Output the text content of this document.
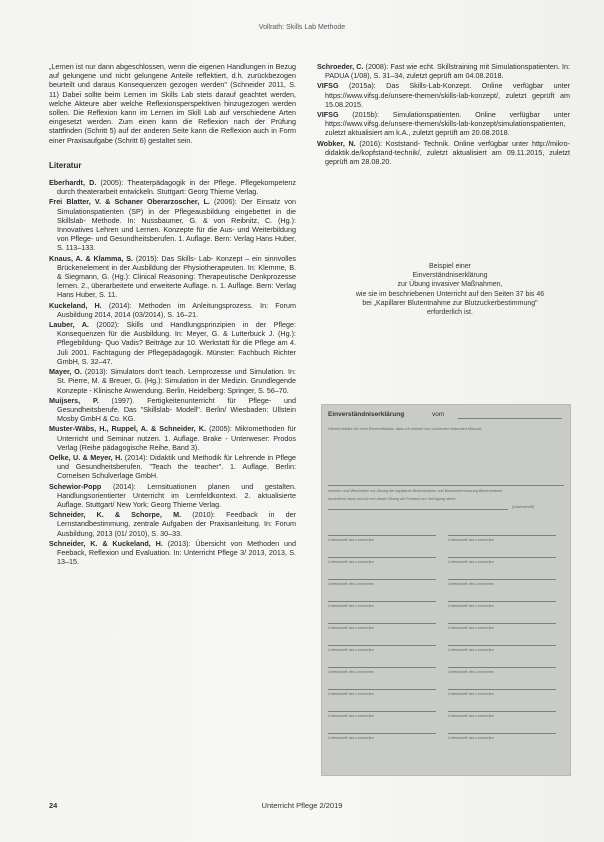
Vollrath: Skills Lab Methode

„Lernen ist nur dann abgeschlossen, wenn die eigenen Handlungen in Bezug auf gelungene und nicht gelungene Anteile reflektiert, d.h. zurückbezogen beurteilt und daraus Konsequenzen gezogen werden" (Schneider 2011, S. 11) Dabei sollte beim Lernen im Skills Lab stets darauf geachtet werden, welche Akteure aber welche Reflexionsperspektiven hinzugezogen werden sollen. Die Reflexion kann im Lernen im Skill Lab auf verschiedene Arten eingesetzt werden. Zum einen kann die Reflexion nach der Prüfung stattfinden (Schritt 5) auf der anderen Seite kann die Reflexion auch in Form einer Praxisaufgabe (Schritt 6) gestaltet sein.

Literatur

Eberhardt, D. (2005): Theaterpädagogik in der Pflege. Pflegekompetenz durch theaterarbeit entwickeln. Stuttgart: Georg Thieme Verlag.

Frei Blatter, V. & Schaner Oberarzoscher, L. (2006): Der Einsatz von Simulationspatienten (SP) in der Pflegeausbildung eingebettet in die Skillslab- Methode. In: Nussbaumer, G. & von Reibnitz, C. (Hg.): Innovatives Lehren und Lernen. Konzepte für die Aus- und Weiterbildung von Pflege- und Gesundheitsberufen. 1. Auflage. Bern: Verlag Hans Huber, S. 113–133.

Knaus, A. & Klamma, S. (2015): Das Skills- Lab- Konzept – ein sinnvolles Brückenelement in der Ausbildung der Physiotherapeuten. In: Klemme, B. & Siegmann, G. (Hg.): Clinical Reasoning: Therapeutische Denkprozesse lernen. 2., überarbeitete und erweiterte Auflage. n. 1. Auflage. Bern: Verlag Hans Huber, S. 11.

Kuckeland, H. (2014): Methoden im Anleitungsprozess. In: Forum Ausbildung 2014, 2014 (03/2014), S. 16–21.

Lauber, A. (2002): Skills und Handlungsprinzipien in der Pflege: Konsequenzen für die Ausbildung. In: Meyer, G. & Lutterbuck J. (Hg.): Pflegebildung- Quo Vadis? Beiträge zur 10. Werkstatt für die Pflege am 4. Juli 2001. Fachtagung der Pflegepädagogik. Münster: Fachbuch Richter GmbH, S. 32–47.

Mayer, O. (2013): Simulators don't teach. Lernprozesse und Simulation. In: St. Pierre, M. & Breuer, G. (Hg.): Simulation in der Medizin. Grundlegende Konzepte - Klinische Anwendung. Berlin, Heidelberg: Springer, S. 56–70.

Muijsers, P. (1997). Fertigkeitenunterricht für Pflege- und Gesundheitsberufe. Das "Skillslab- Modell". Berlin/ Wiesbaden: Ullstein Mosby GmbH & Co. KG.

Muster-Wäbs, H., Ruppel, A. & Schneider, K. (2005): Mikromethoden für Unterricht und Seminar nutzen. 1. Auflage. Brake - Unterweser: Prodos Verlag (Reihe pädagogische Reihe, Band 3).

Oelke, U. & Meyer, H. (2014): Didaktik und Methodik für Lehrende in Pflege und Gesundheitsberufen. "Teach the teacher". 1. Auflage. Berlin: Cornelsen Schulverlage GmbH.

Schewior-Popp (2014): Lernsituationen planen und gestalten. Handlungsorientierter Unterricht im Lernfeldkontext. 2. aktualisierte Auflage. Stuttgart/ New York: Georg Thieme Verlag.

Schneider, K. & Schorpe, M. (2010): Feedback in der Lernstandbestimmung, zentrale Aufgaben der Praxisanleitung. In: Forum Ausbildung, 2013 (01/ 2010), S. 30–33.

Schneider, K. & Kuckeland, H. (2013): Übersicht von Methoden und Feeback, Reflexion und Evaluation. In: Unterricht Pflege 3/ 2013, 2013, S. 13–15.

Schroeder, C. (2008): Fast wie echt. Skillstraining mit Simulationspatienten. In: PADUA (1/08), S. 31–34, zuletzt geprüft am 04.08.2018.

VIFSG (2015a): Das Skills-Lab-Konzept. Online verfügbar unter https://www.vifsg.de/unsere-themen/skills-lab-konzept/, zuletzt geprüft am 15.08.2015.

VIFSG (2015b): Simulationspatienten. Online verfügbar unter https://www.vifsg.de/unsere-themen/skills-lab-konzept/simulationspatienten, zuletzt aktualisiert am k.A., zuletzt geprüft am 20.08.2018.

Wobker, N. (2016): Koststand- Technik. Online verfügbar unter http://mikro-didaktik.de/kopfstand-technik/, zuletzt aktualisiert am 09.11.2015, zuletzt geprüft am 28.08.20.

Beispiel einer
Einverständniserklärung
zur Übung invasiver Maßnahmen,
wie sie im beschriebenen Unterricht auf den Seiten 37 bis 46
bei „Kapillarer Blutentnahme zur Blutzuckerbestimmung"
erforderlich ist.
Einverständniserklärung	vom
Hiermit erkläre ich mein Einverständnis, dass ich meinen von Lehrenden betreuten Mitschü-
lerinnen und Mitschülern zur Übung der kapillaren Blutentnahme und Blutzuckermessung Blutentnahme
durchführe lasse und ich bei dieser Übung als Proband zur Verfügung stehe.
(Unterschrift)
Unterschrift des Lernenden	Unterschrift des Lernenden
Unterschrift des Lernenden	Unterschrift des Lernenden
Unterschrift des Lernenden	Unterschrift des Lernenden
Unterschrift des Lernenden	Unterschrift des Lernenden
Unterschrift des Lernenden	Unterschrift des Lernenden
Unterschrift des Lernenden	Unterschrift des Lernenden
Unterschrift des Lernenden	Unterschrift des Lernenden
Unterschrift des Lernenden	Unterschrift des Lernenden
Unterschrift des Lernenden	Unterschrift des Lernenden
Unterschrift des Lernenden	Unterschrift des Lernenden
24	Unterricht Pflege 2/2019
